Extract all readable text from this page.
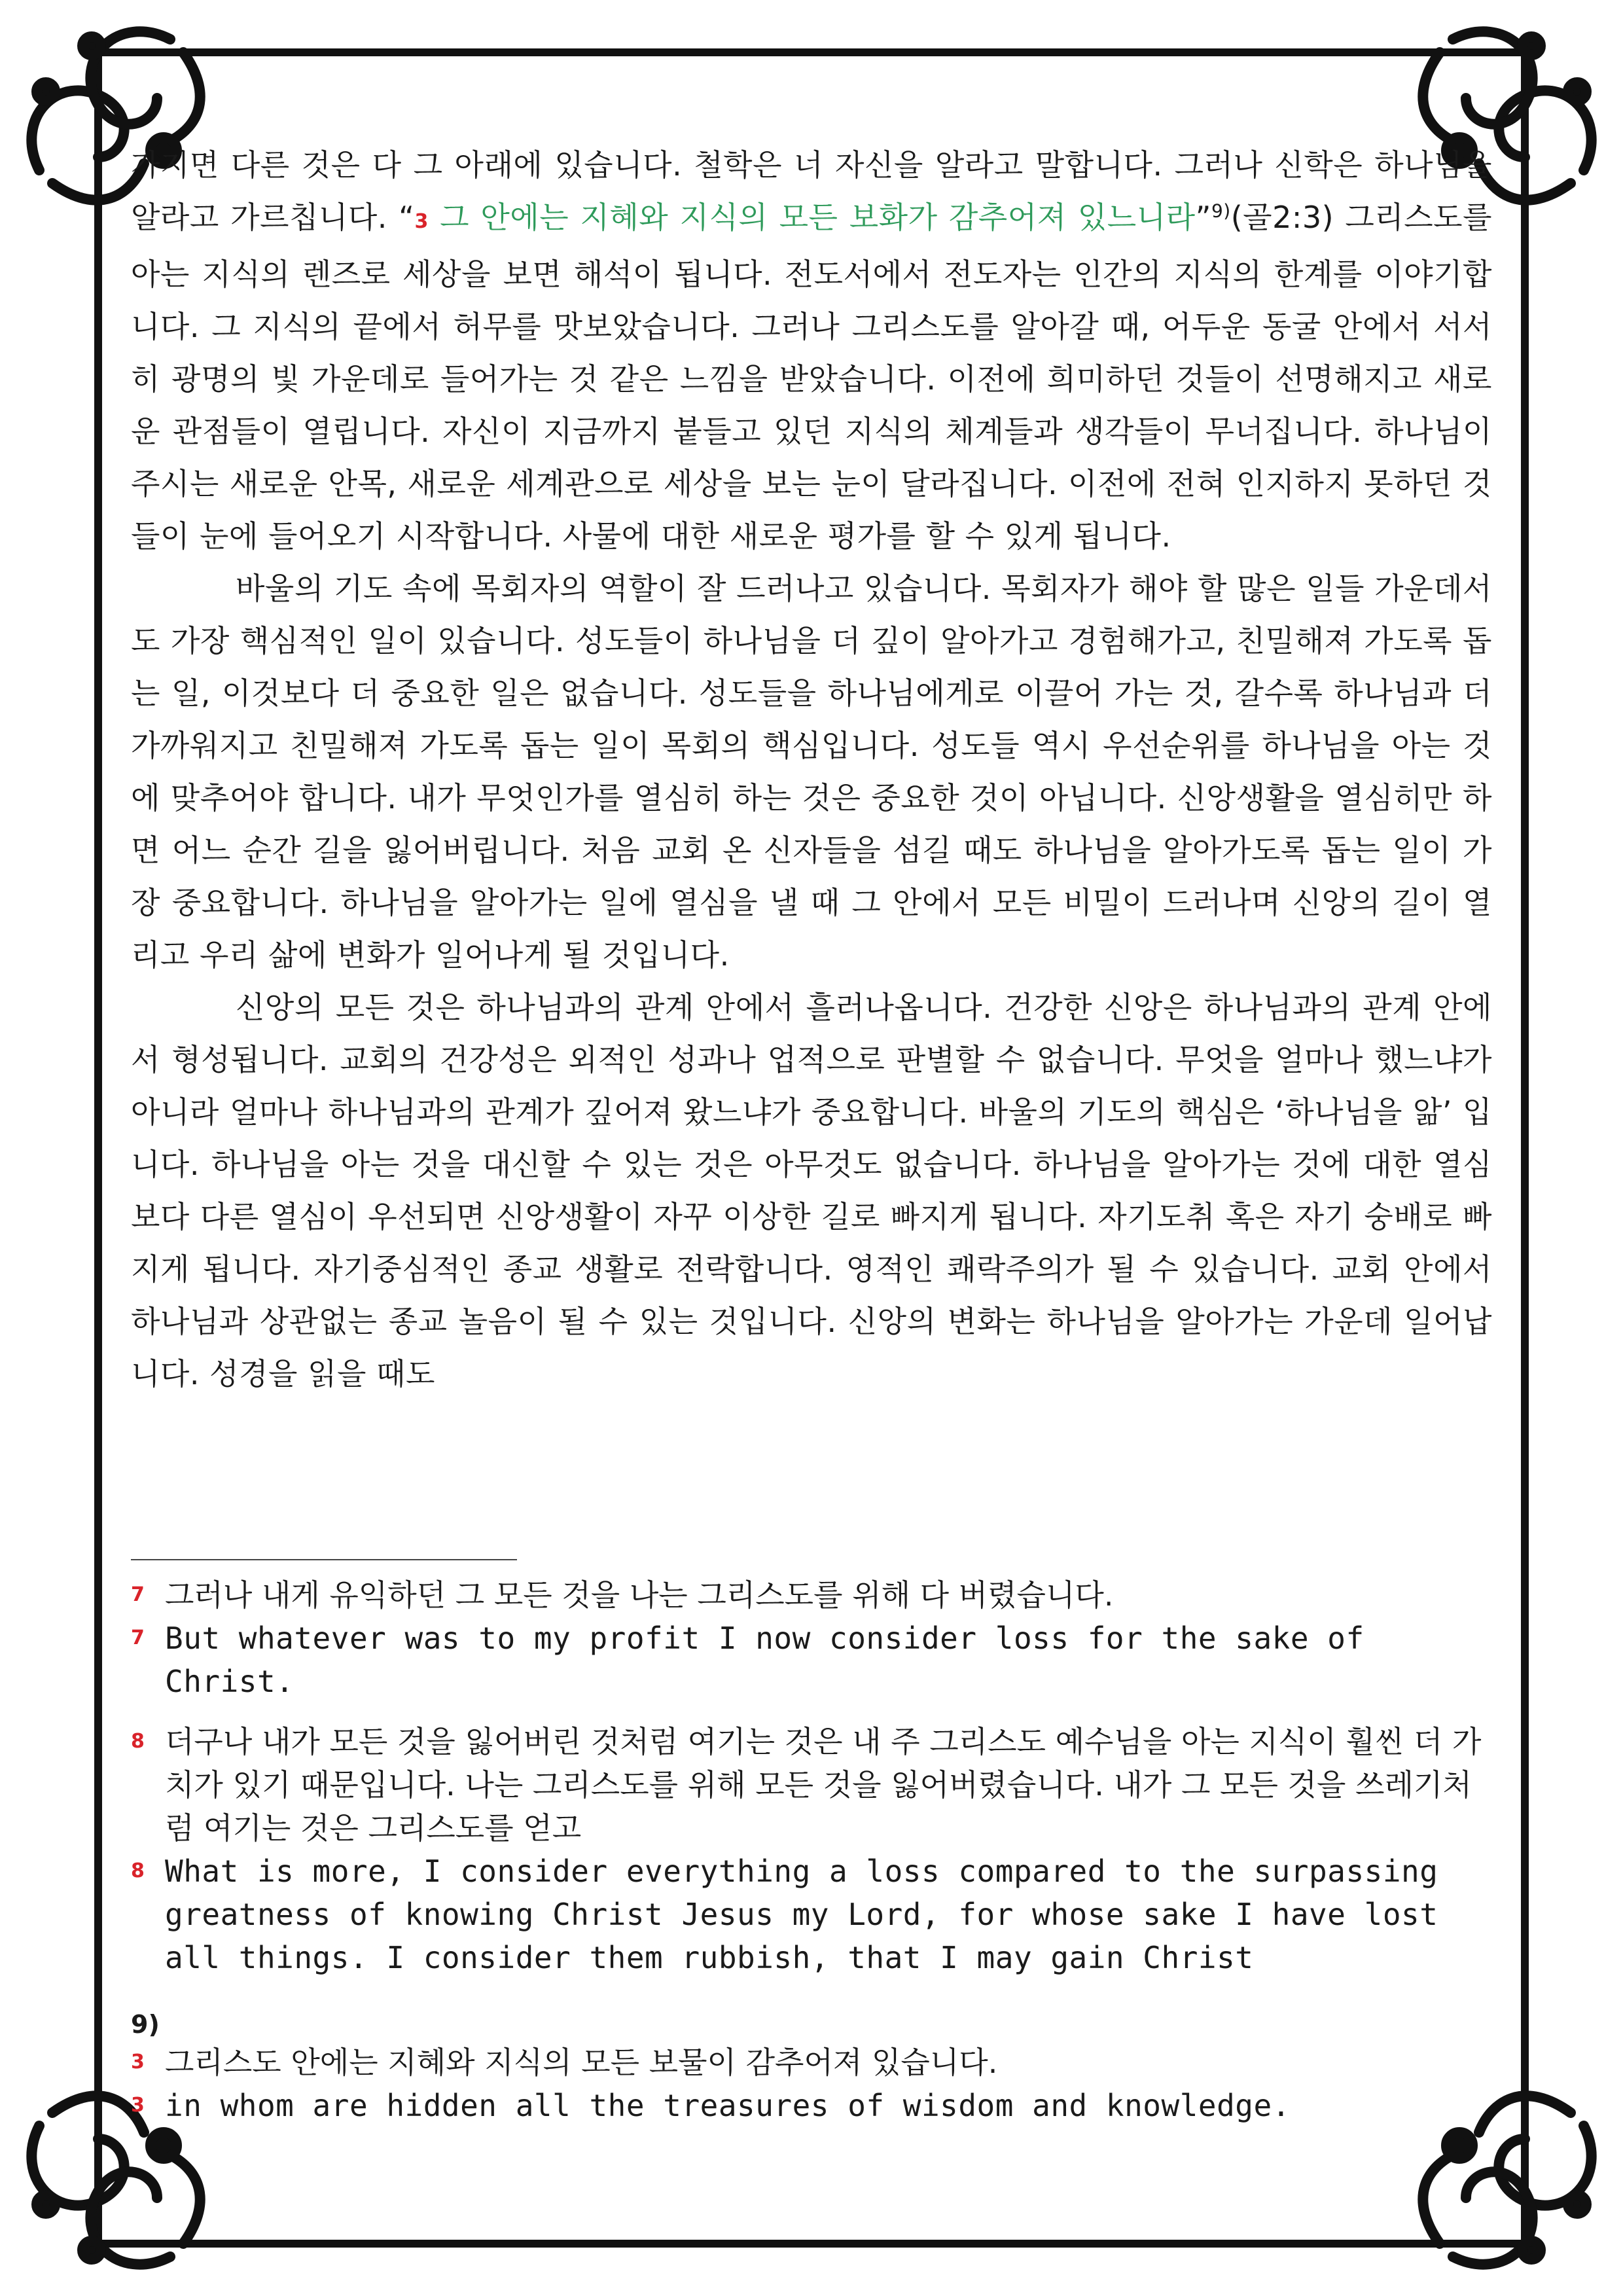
가지면 다른 것은 다 그 아래에 있습니다. 철학은 너 자신을 알라고 말합니다. 그러나 신학은 하나님을 알라고 가르칩니다. “3 그 안에는 지혜와 지식의 모든 보화가 감추어져 있느니라”$^{9)}$(골2:3) 그리스도를 아는 지식의 렌즈로 세상을 보면 해석이 됩니다. 전도서에서 전도자는 인간의 지식의 한계를 이야기합니다. 그 지식의 끝에서 허무를 맛보았습니다. 그러나 그리스도를 알아갈 때, 어두운 동굴 안에서 서서히 광명의 빛 가운데로 들어가는 것 같은 느낌을 받았습니다. 이전에 희미하던 것들이 선명해지고 새로운 관점들이 열립니다. 자신이 지금까지 붙들고 있던 지식의 체계들과 생각들이 무너집니다. 하나님이 주시는 새로운 안목, 새로운 세계관으로 세상을 보는 눈이 달라집니다. 이전에 전혀 인지하지 못하던 것들이 눈에 들어오기 시작합니다. 사물에 대한 새로운 평가를 할 수 있게 됩니다.

바울의 기도 속에 목회자의 역할이 잘 드러나고 있습니다. 목회자가 해야 할 많은 일들 가운데서도 가장 핵심적인 일이 있습니다. 성도들이 하나님을 더 깊이 알아가고 경험해가고, 친밀해져 가도록 돕는 일, 이것보다 더 중요한 일은 없습니다. 성도들을 하나님에게로 이끌어 가는 것, 갈수록 하나님과 더 가까워지고 친밀해져 가도록 돕는 일이 목회의 핵심입니다. 성도들 역시 우선순위를 하나님을 아는 것에 맞추어야 합니다. 내가 무엇인가를 열심히 하는 것은 중요한 것이 아닙니다. 신앙생활을 열심히만 하면 어느 순간 길을 잃어버립니다. 처음 교회 온 신자들을 섬길 때도 하나님을 알아가도록 돕는 일이 가장 중요합니다. 하나님을 알아가는 일에 열심을 낼 때 그 안에서 모든 비밀이 드러나며 신앙의 길이 열리고 우리 삶에 변화가 일어나게 될 것입니다.

신앙의 모든 것은 하나님과의 관계 안에서 흘러나옵니다. 건강한 신앙은 하나님과의 관계 안에서 형성됩니다. 교회의 건강성은 외적인 성과나 업적으로 판별할 수 없습니다. 무엇을 얼마나 했느냐가 아니라 얼마나 하나님과의 관계가 깊어져 왔느냐가 중요합니다. 바울의 기도의 핵심은 ‘하나님을 앎’ 입니다. 하나님을 아는 것을 대신할 수 있는 것은 아무것도 없습니다. 하나님을 알아가는 것에 대한 열심보다 다른 열심이 우선되면 신앙생활이 자꾸 이상한 길로 빠지게 됩니다. 자기도취 혹은 자기 숭배로 빠지게 됩니다. 자기중심적인 종교 생활로 전락합니다. 영적인 쾌락주의가 될 수 있습니다. 교회 안에서 하나님과 상관없는 종교 놀음이 될 수 있는 것입니다. 신앙의 변화는 하나님을 알아가는 가운데 일어납니다. 성경을 읽을 때도

7 그러나 내게 유익하던 그 모든 것을 나는 그리스도를 위해 다 버렸습니다.

7 But whatever was to my profit I now consider loss for the sake of Christ.

8 더구나 내가 모든 것을 잃어버린 것처럼 여기는 것은 내 주 그리스도 예수님을 아는 지식이 훨씬 더 가치가 있기 때문입니다. 나는 그리스도를 위해 모든 것을 잃어버렸습니다. 내가 그 모든 것을 쓰레기처럼 여기는 것은 그리스도를 얻고

8 What is more, I consider everything a loss compared to the surpassing greatness of knowing Christ Jesus my Lord, for whose sake I have lost all things. I consider them rubbish, that I may gain Christ

9)

3 그리스도 안에는 지혜와 지식의 모든 보물이 감추어져 있습니다.

3 in whom are hidden all the treasures of wisdom and knowledge.
